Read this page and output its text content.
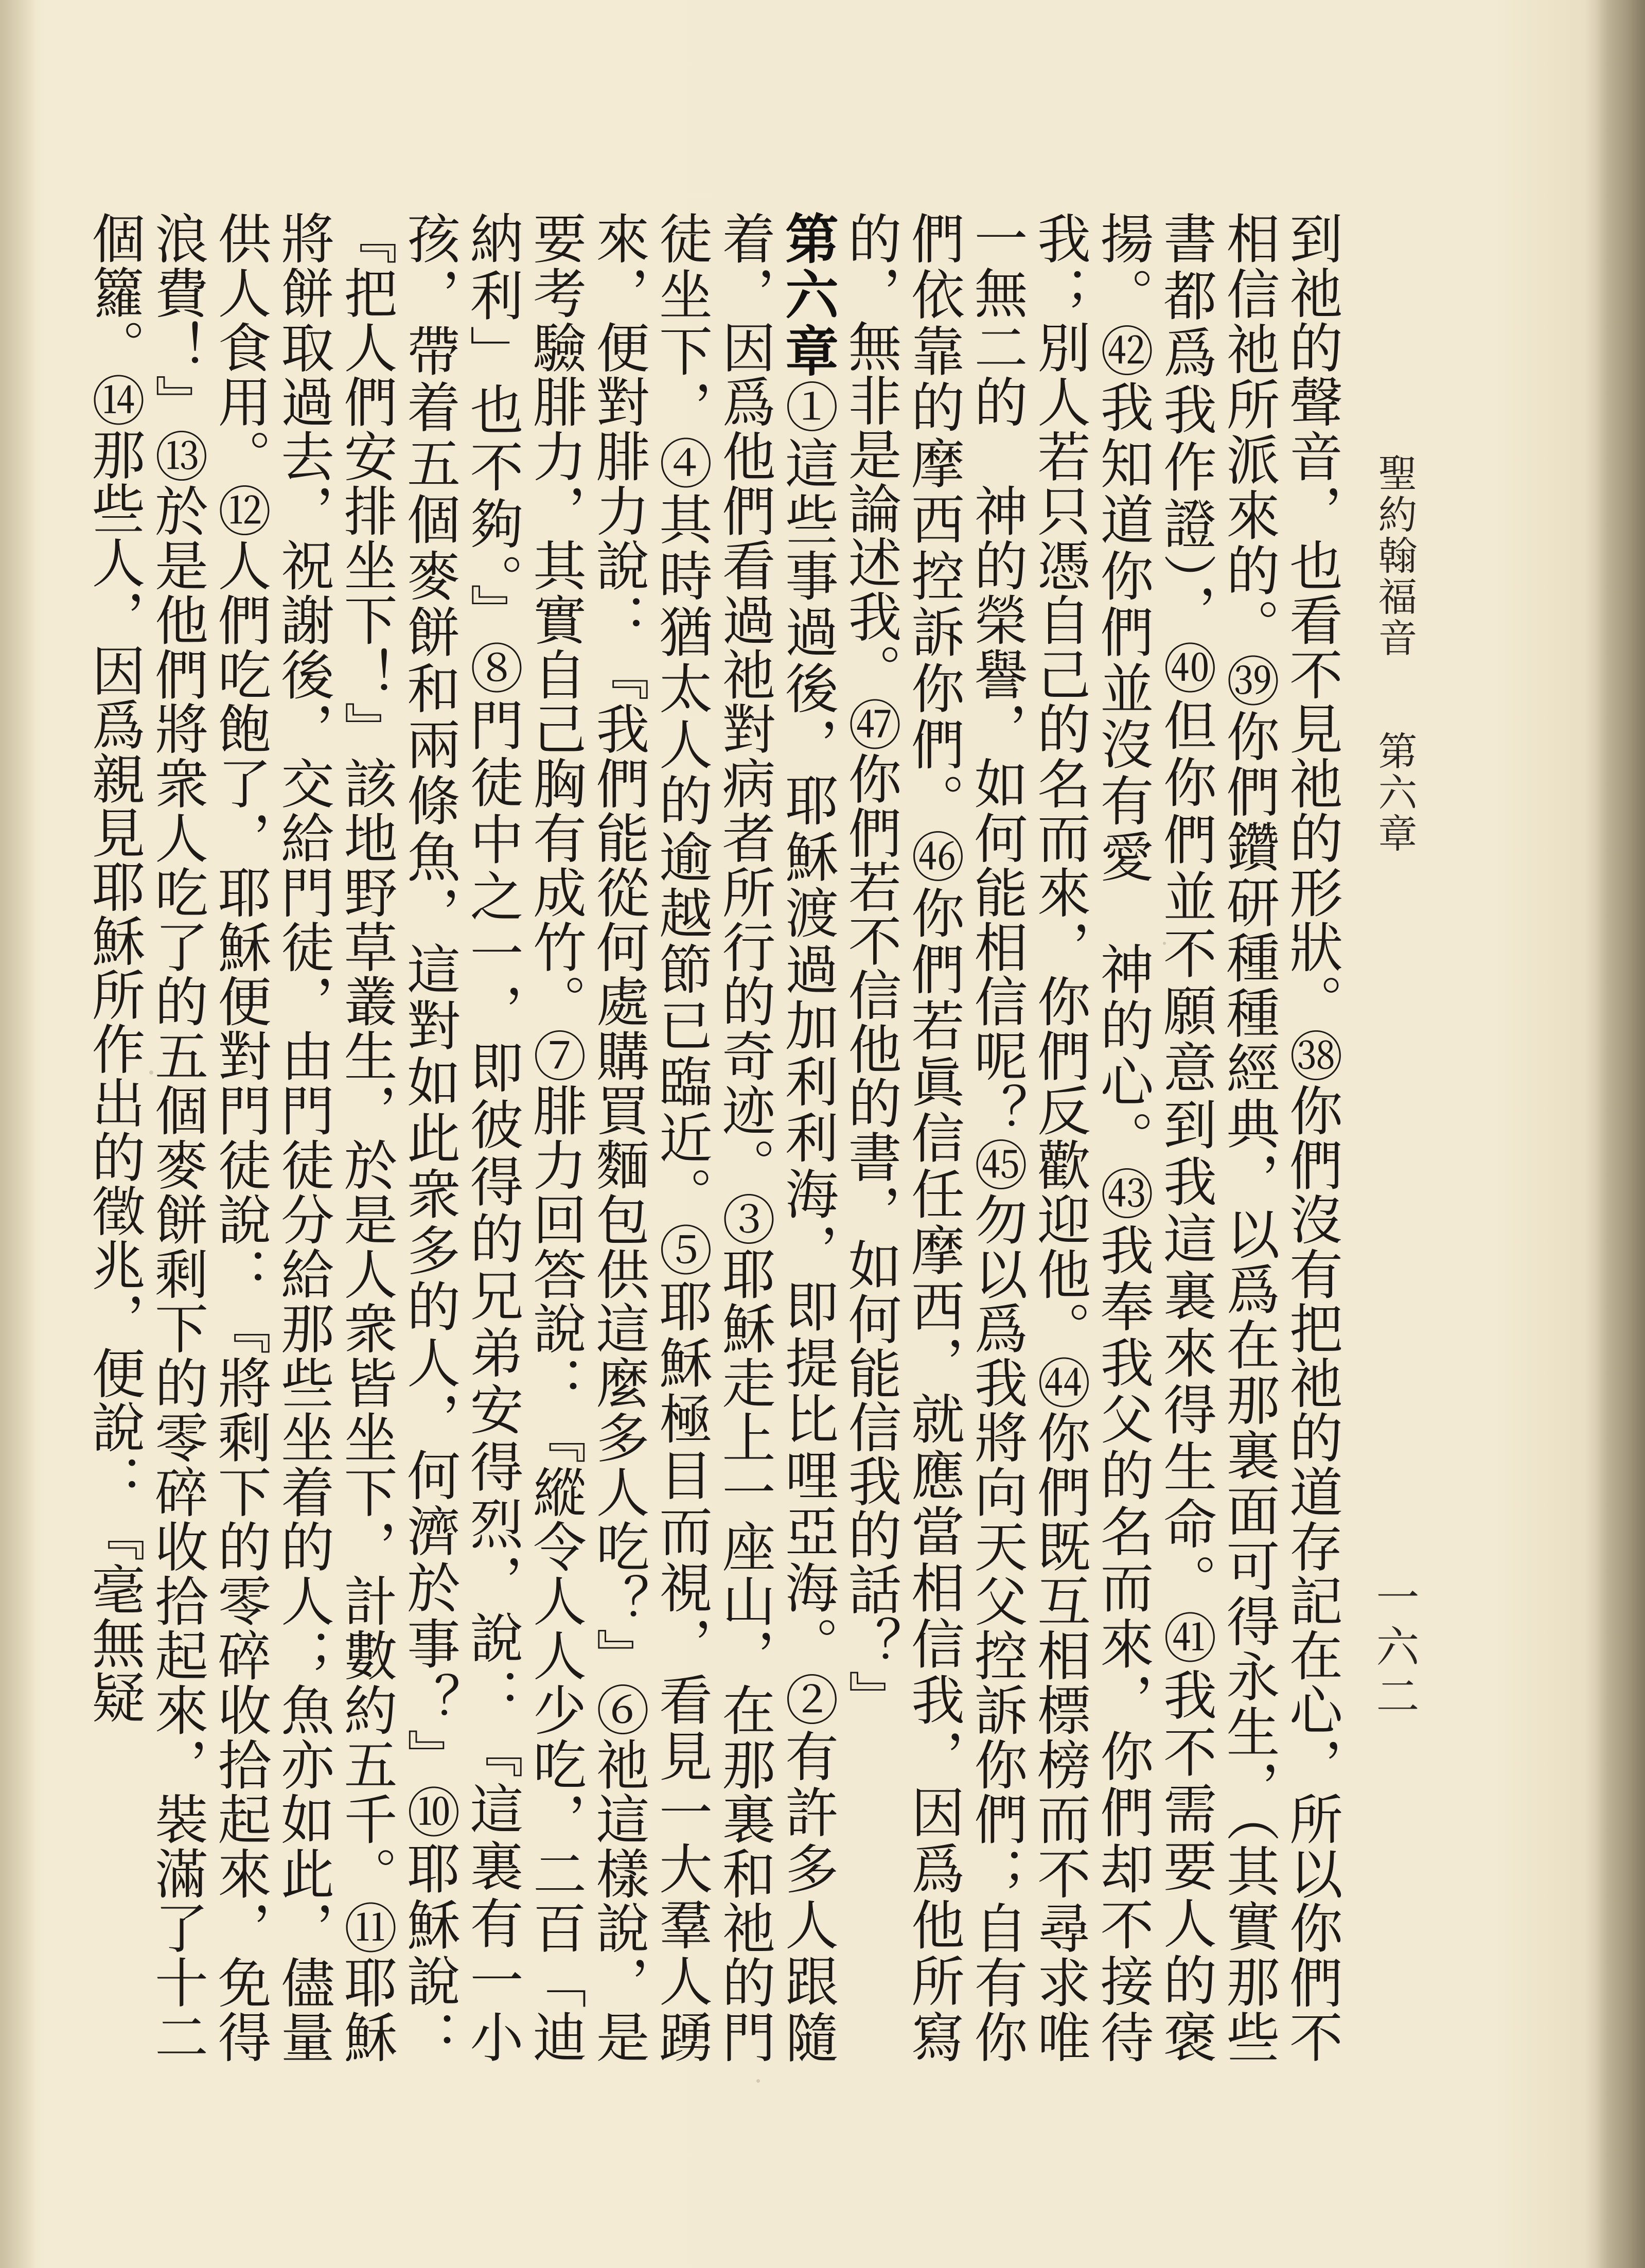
聖約翰福音
第六章
一六二
到祂的聲音，也看不見祂的形狀。㊳你們沒有把祂的道存記在心，所以你們不相信祂所派來的。㊴你們鑽研種種經典，以爲在那裏面可得永生，（其實那些書都爲我作證），㊵但你們並不願意到我這裏來得生命。㊶我不需要人的褒揚。㊷我知道你們並沒有愛　神的心。㊸我奉我父的名而來，你們却不接待我；別人若只憑自己的名而來，你們反歡迎他。㊹你們既互相標榜而不尋求唯一無二的　神的榮譽，如何能相信呢？㊺勿以爲我將向天父控訴你們；自有你們依靠的摩西控訴你們。㊻你們若眞信任摩西，就應當相信我，因爲他所寫的，無非是論述我。㊼你們若不信他的書，如何能信我的話？』
第六章①這些事過後，耶穌渡過加利利海，即提比哩亞海。②有許多人跟隨着，因爲他們看過祂對病者所行的奇迹。③耶穌走上一座山，在那裏和祂的門徒坐下，④其時猶太人的逾越節已臨近。⑤耶穌極目而視，看見一大羣人踴來，便對腓力說：『我們能從何處購買麵包供這麼多人吃？』⑥祂這樣說，是要考驗腓力，其實自己胸有成竹。⑦腓力回答說：『縱令人人少吃，二百「迪納利」也不夠。』⑧門徒中之一，即彼得的兄弟安得烈，說：『這裏有一小孩，帶着五個麥餅和兩條魚，這對如此衆多的人，何濟於事？』⑩耶穌說：『把人們安排坐下！』該地野草叢生，於是人衆皆坐下，計數約五千。⑪耶穌將餅取過去，祝謝後，交給門徒，由門徒分給那些坐着的人；魚亦如此，儘量供人食用。⑫人們吃飽了，耶穌便對門徒說：『將剩下的零碎收拾起來，免得浪費！』⑬於是他們將衆人吃了的五個麥餅剩下的零碎收拾起來，裝滿了十二個籮。⑭那些人，因爲親見耶穌所作出的徵兆，便說：『毫無疑
